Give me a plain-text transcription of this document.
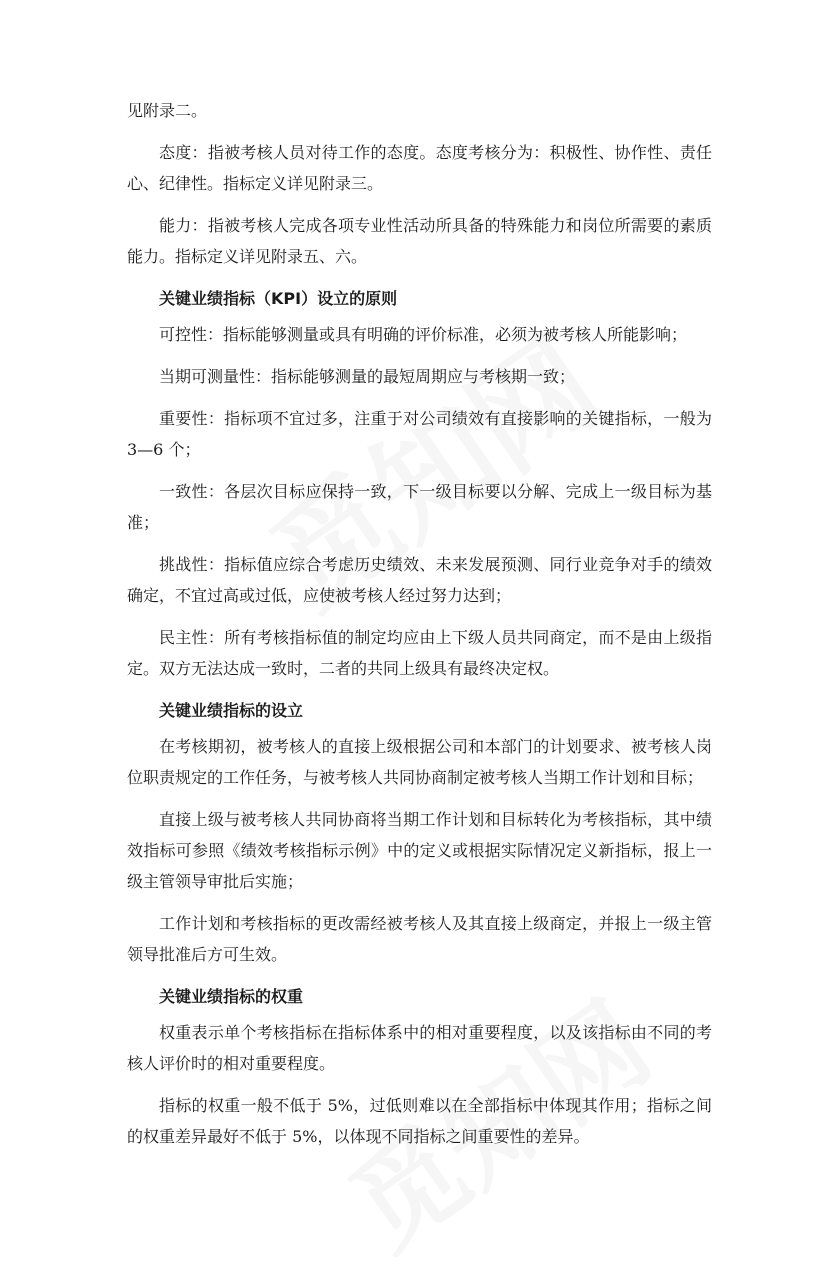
见附录二。

态度：指被考核人员对待工作的态度。态度考核分为：积极性、协作性、责任心、纪律性。指标定义详见附录三。

能力：指被考核人完成各项专业性活动所具备的特殊能力和岗位所需要的素质能力。指标定义详见附录五、六。

关键业绩指标（KPI）设立的原则

可控性：指标能够测量或具有明确的评价标准，必须为被考核人所能影响；

当期可测量性：指标能够测量的最短周期应与考核期一致；

重要性：指标项不宜过多，注重于对公司绩效有直接影响的关键指标，一般为 3—6 个；

一致性：各层次目标应保持一致，下一级目标要以分解、完成上一级目标为基准；

挑战性：指标值应综合考虑历史绩效、未来发展预测、同行业竞争对手的绩效确定，不宜过高或过低，应使被考核人经过努力达到；

民主性：所有考核指标值的制定均应由上下级人员共同商定，而不是由上级指定。双方无法达成一致时，二者的共同上级具有最终决定权。

关键业绩指标的设立

在考核期初，被考核人的直接上级根据公司和本部门的计划要求、被考核人岗位职责规定的工作任务，与被考核人共同协商制定被考核人当期工作计划和目标；

直接上级与被考核人共同协商将当期工作计划和目标转化为考核指标，其中绩效指标可参照《绩效考核指标示例》中的定义或根据实际情况定义新指标，报上一级主管领导审批后实施；

工作计划和考核指标的更改需经被考核人及其直接上级商定，并报上一级主管领导批准后方可生效。

关键业绩指标的权重

权重表示单个考核指标在指标体系中的相对重要程度，以及该指标由不同的考核人评价时的相对重要程度。

指标的权重一般不低于 5%，过低则难以在全部指标中体现其作用；指标之间的权重差异最好不低于 5%，以体现不同指标之间重要性的差异。
